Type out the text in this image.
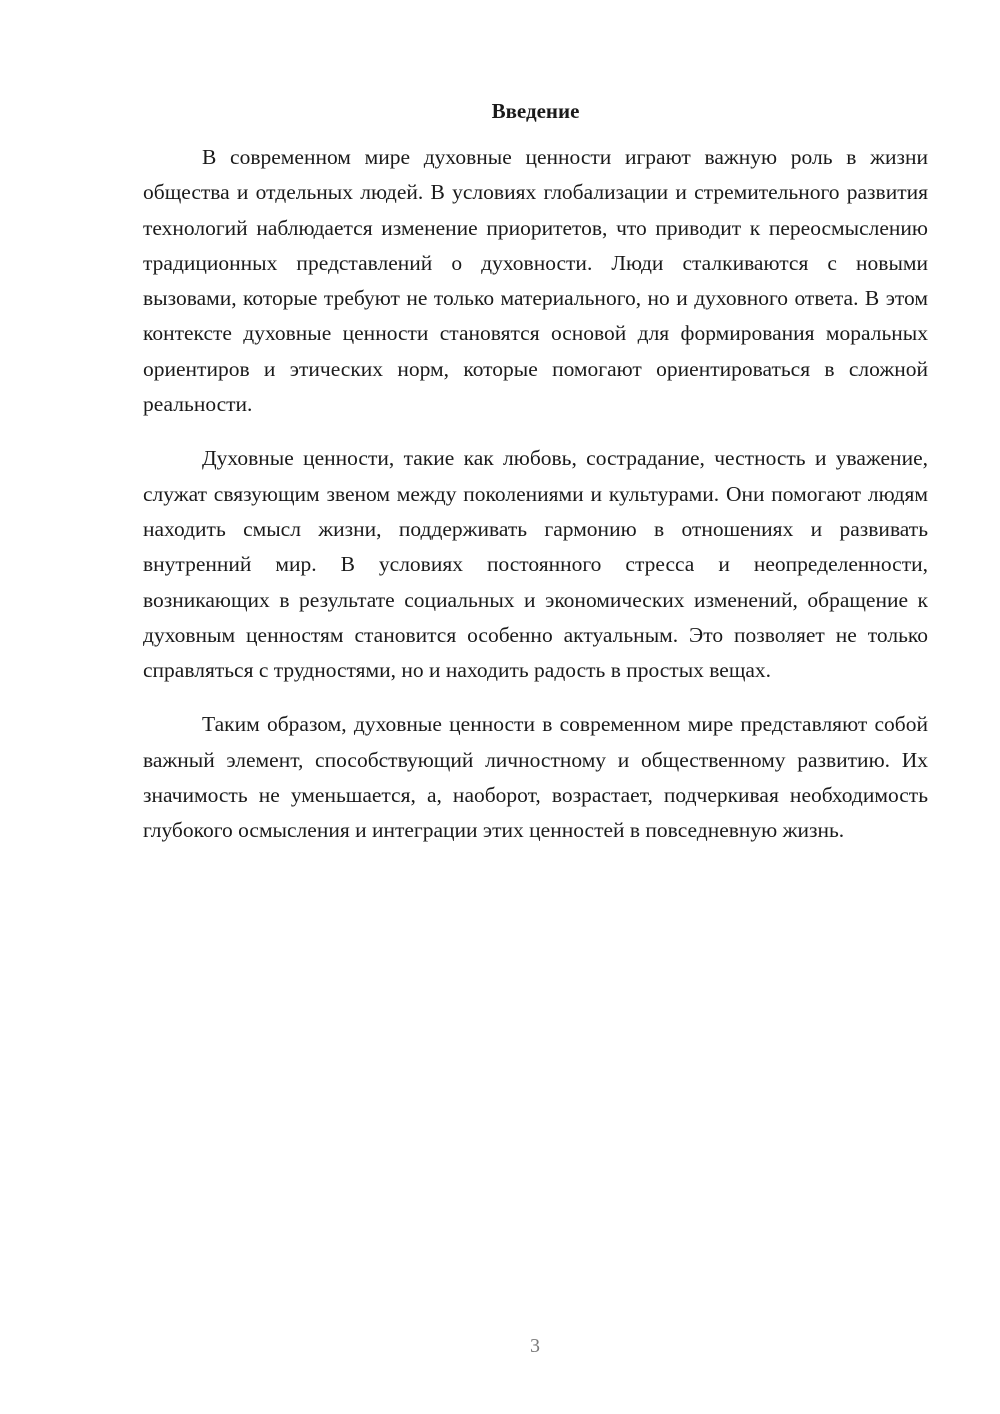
Введение

В современном мире духовные ценности играют важную роль в жизни общества и отдельных людей. В условиях глобализации и стремительного развития технологий наблюдается изменение приоритетов, что приводит к переосмыслению традиционных представлений о духовности. Люди сталкиваются с новыми вызовами, которые требуют не только материального, но и духовного ответа. В этом контексте духовные ценности становятся основой для формирования моральных ориентиров и этических норм, которые помогают ориентироваться в сложной реальности.

Духовные ценности, такие как любовь, сострадание, честность и уважение, служат связующим звеном между поколениями и культурами. Они помогают людям находить смысл жизни, поддерживать гармонию в отношениях и развивать внутренний мир. В условиях постоянного стресса и неопределенности, возникающих в результате социальных и экономических изменений, обращение к духовным ценностям становится особенно актуальным. Это позволяет не только справляться с трудностями, но и находить радость в простых вещах.

Таким образом, духовные ценности в современном мире представляют собой важный элемент, способствующий личностному и общественному развитию. Их значимость не уменьшается, а, наоборот, возрастает, подчеркивая необходимость глубокого осмысления и интеграции этих ценностей в повседневную жизнь.

3
